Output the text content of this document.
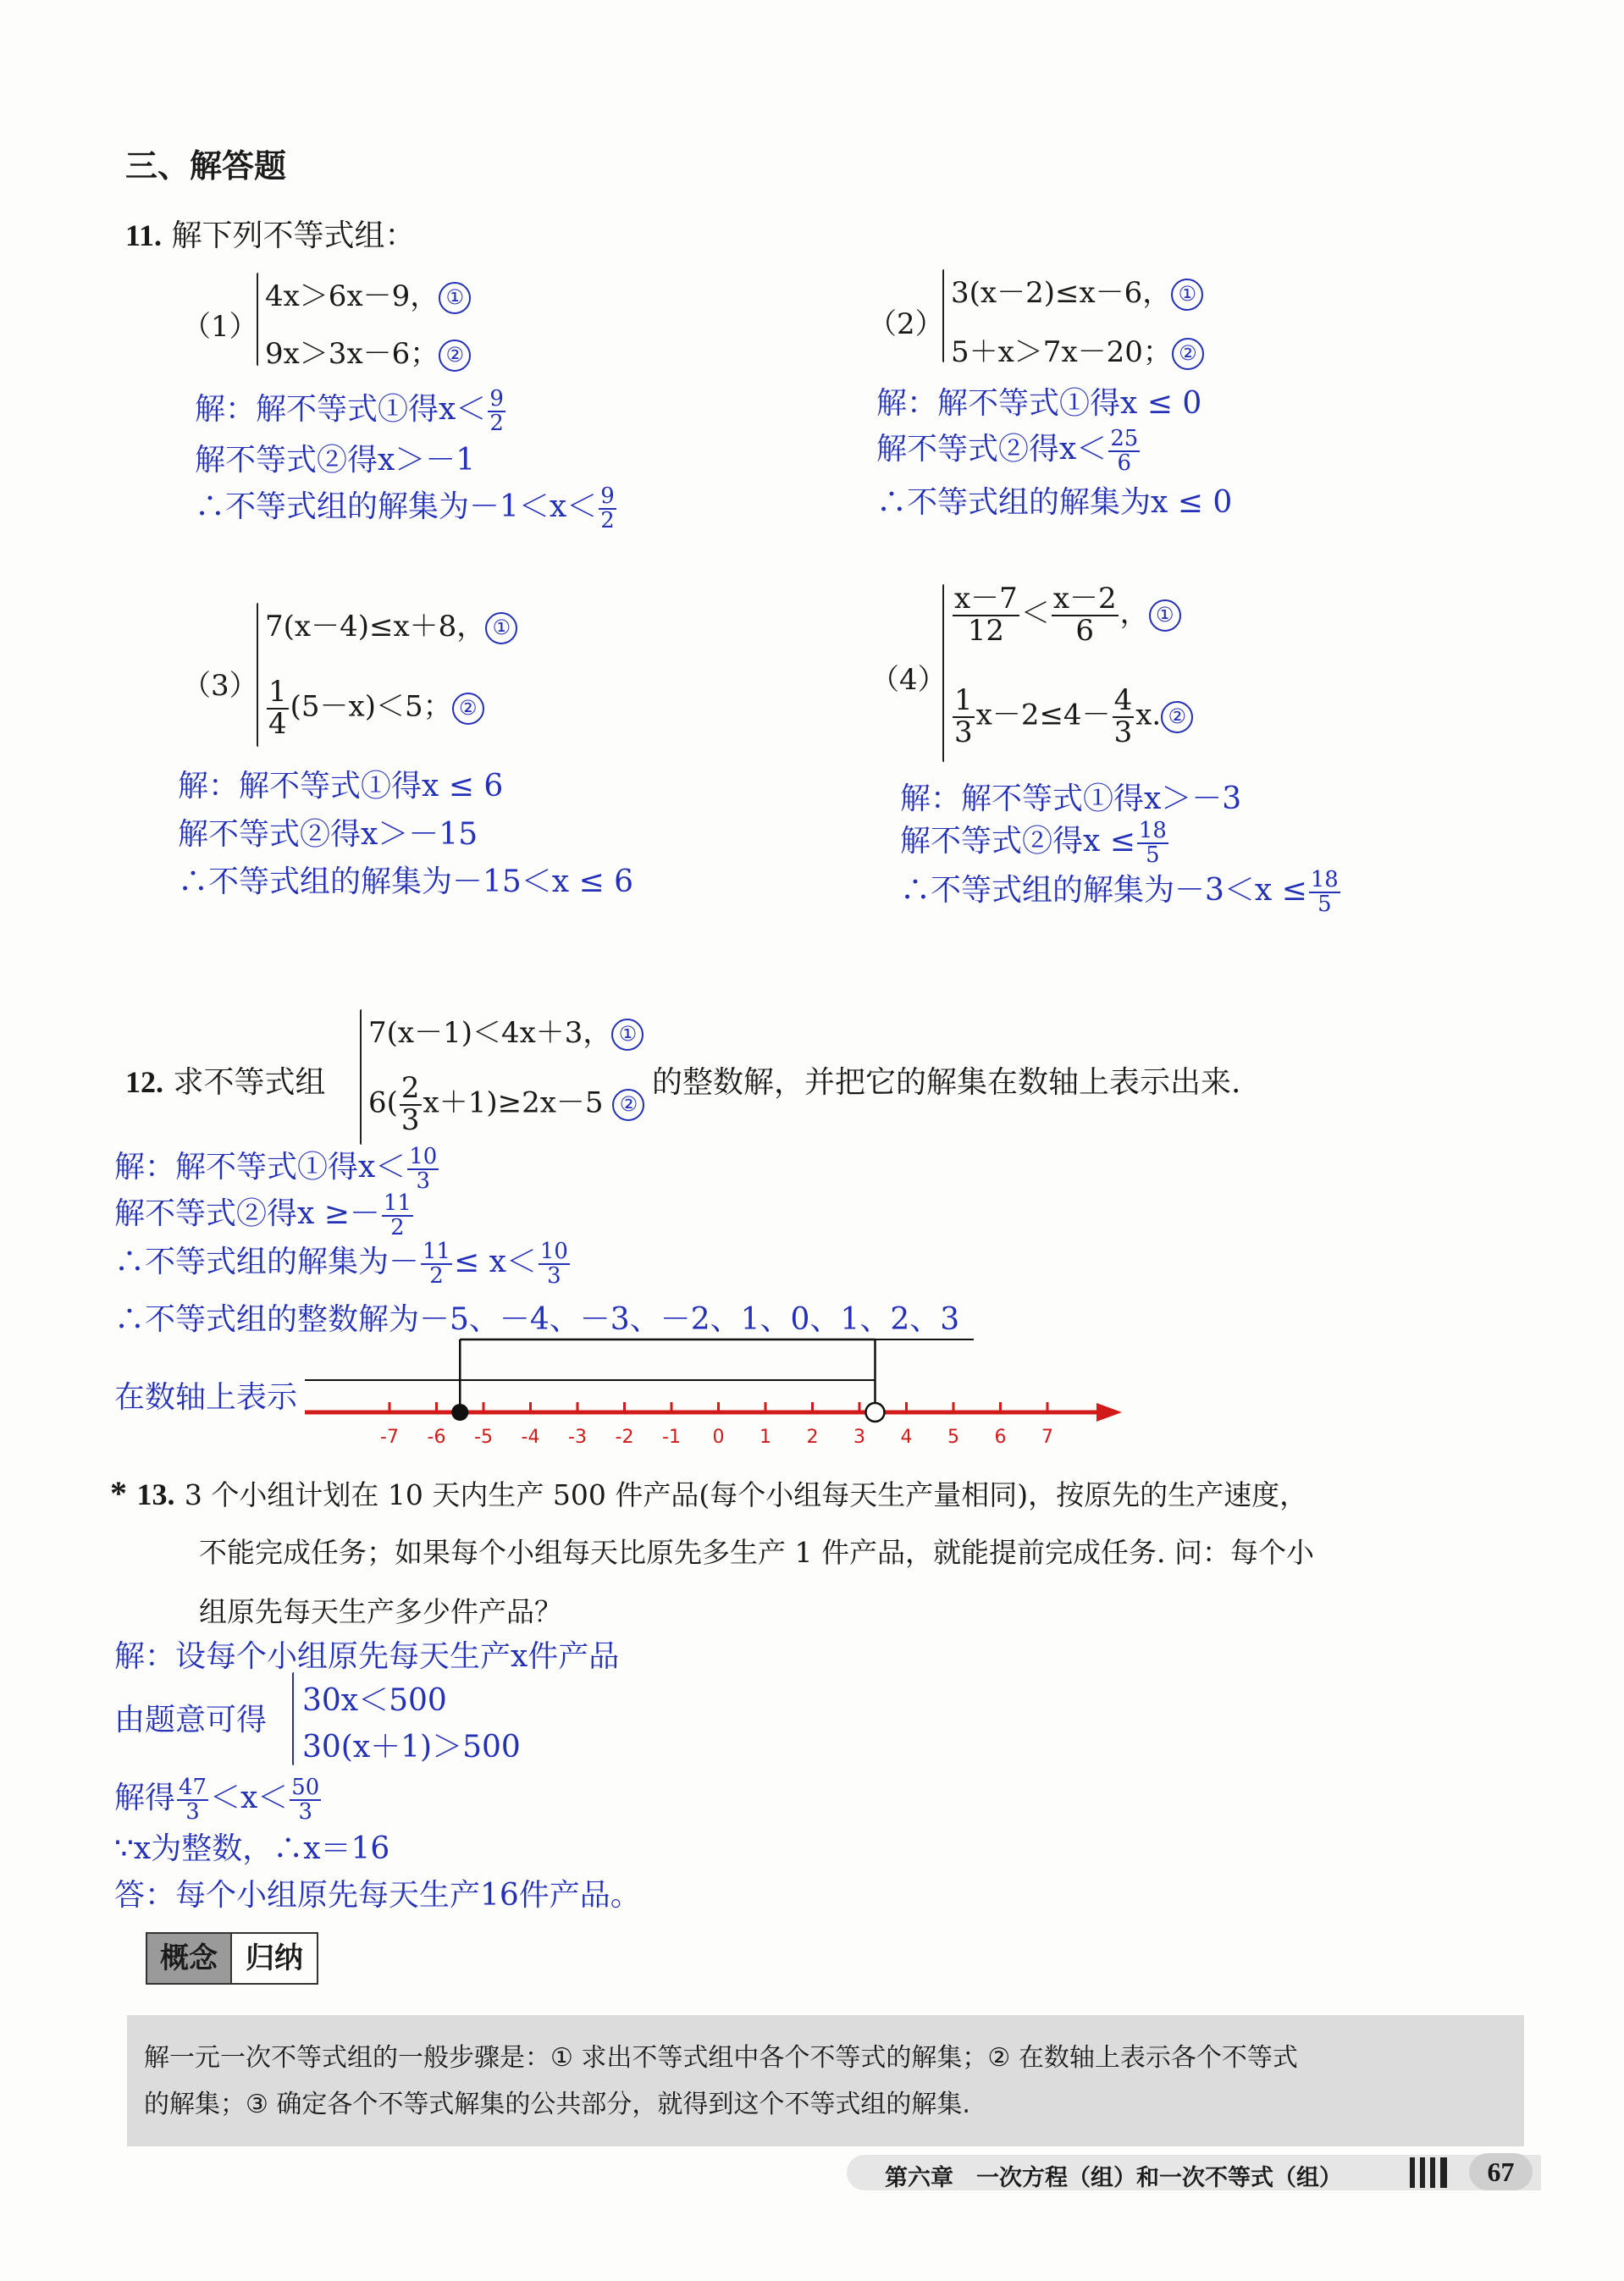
三、解答题
11. 解下列不等式组：
（1）
4x＞6x－9， ①
9x＞3x－6； ②
解：解不等式①得$x< \frac{9}{2}$
解不等式②得x＞－1
∴不等式组的解集为$-1<x< \frac{9}{2}$
（2）
3(x－2)≤x－6， ①
5＋x＞7x－20； ②
解：解不等式①得x ≤ 0
解不等式②得$x< \frac{25}{6}$
∴不等式组的解集为x ≤ 0
（3）
7(x－4)≤x＋8， ①
$\frac{1}{4} (5-x)<5$； ②
解：解不等式①得x ≤ 6
解不等式②得x＞－15
∴不等式组的解集为－15＜x ≤ 6
（4）
$\frac{x-7}{12} < \frac{x-2}{6}$ ， ①
$\frac{1}{3} x-2\le 4- \frac{4}{3} x$. ②
解：解不等式①得x＞－3
解不等式②得$x \le \frac{18}{5}$
∴不等式组的解集为$-3<x \le \frac{18}{5}$
12. 求不等式组
7(x－1)＜4x＋3， ①
$6( \frac{2}{3} x+1)\ge 2x-5$ ②
的整数解，并把它的解集在数轴上表示出来.
解：解不等式①得$x< \frac{10}{3}$
解不等式②得$x \ge- \frac{11}{2}$
∴不等式组的解集为－ $\frac{11}{2} \le x< \frac{10}{3}$
∴不等式组的整数解为－5、－4、－3、－2、1、0、1、2、3
在数轴上表示
-7 -6 -5 -4 -3 -2 -1 0 1 2 3 4 5 6 7
* 13. 3 个小组计划在 10 天内生产 500 件产品(每个小组每天生产量相同)，按原先的生产速度，
不能完成任务；如果每个小组每天比原先多生产 1 件产品，就能提前完成任务. 问：每个小
组原先每天生产多少件产品？
解：设每个小组原先每天生产x件产品
由题意可得
30x＜500
30(x＋1)＞500
解得 $\frac{47}{3} <x< \frac{50}{3}$
∵x为整数，∴x＝16
答：每个小组原先每天生产16件产品。
概念 归纳
解一元一次不等式组的一般步骤是：① 求出不等式组中各个不等式的解集；② 在数轴上表示各个不等式
的解集；③ 确定各个不等式解集的公共部分，就得到这个不等式组的解集.
第六章　一次方程（组）和一次不等式（组）	67
